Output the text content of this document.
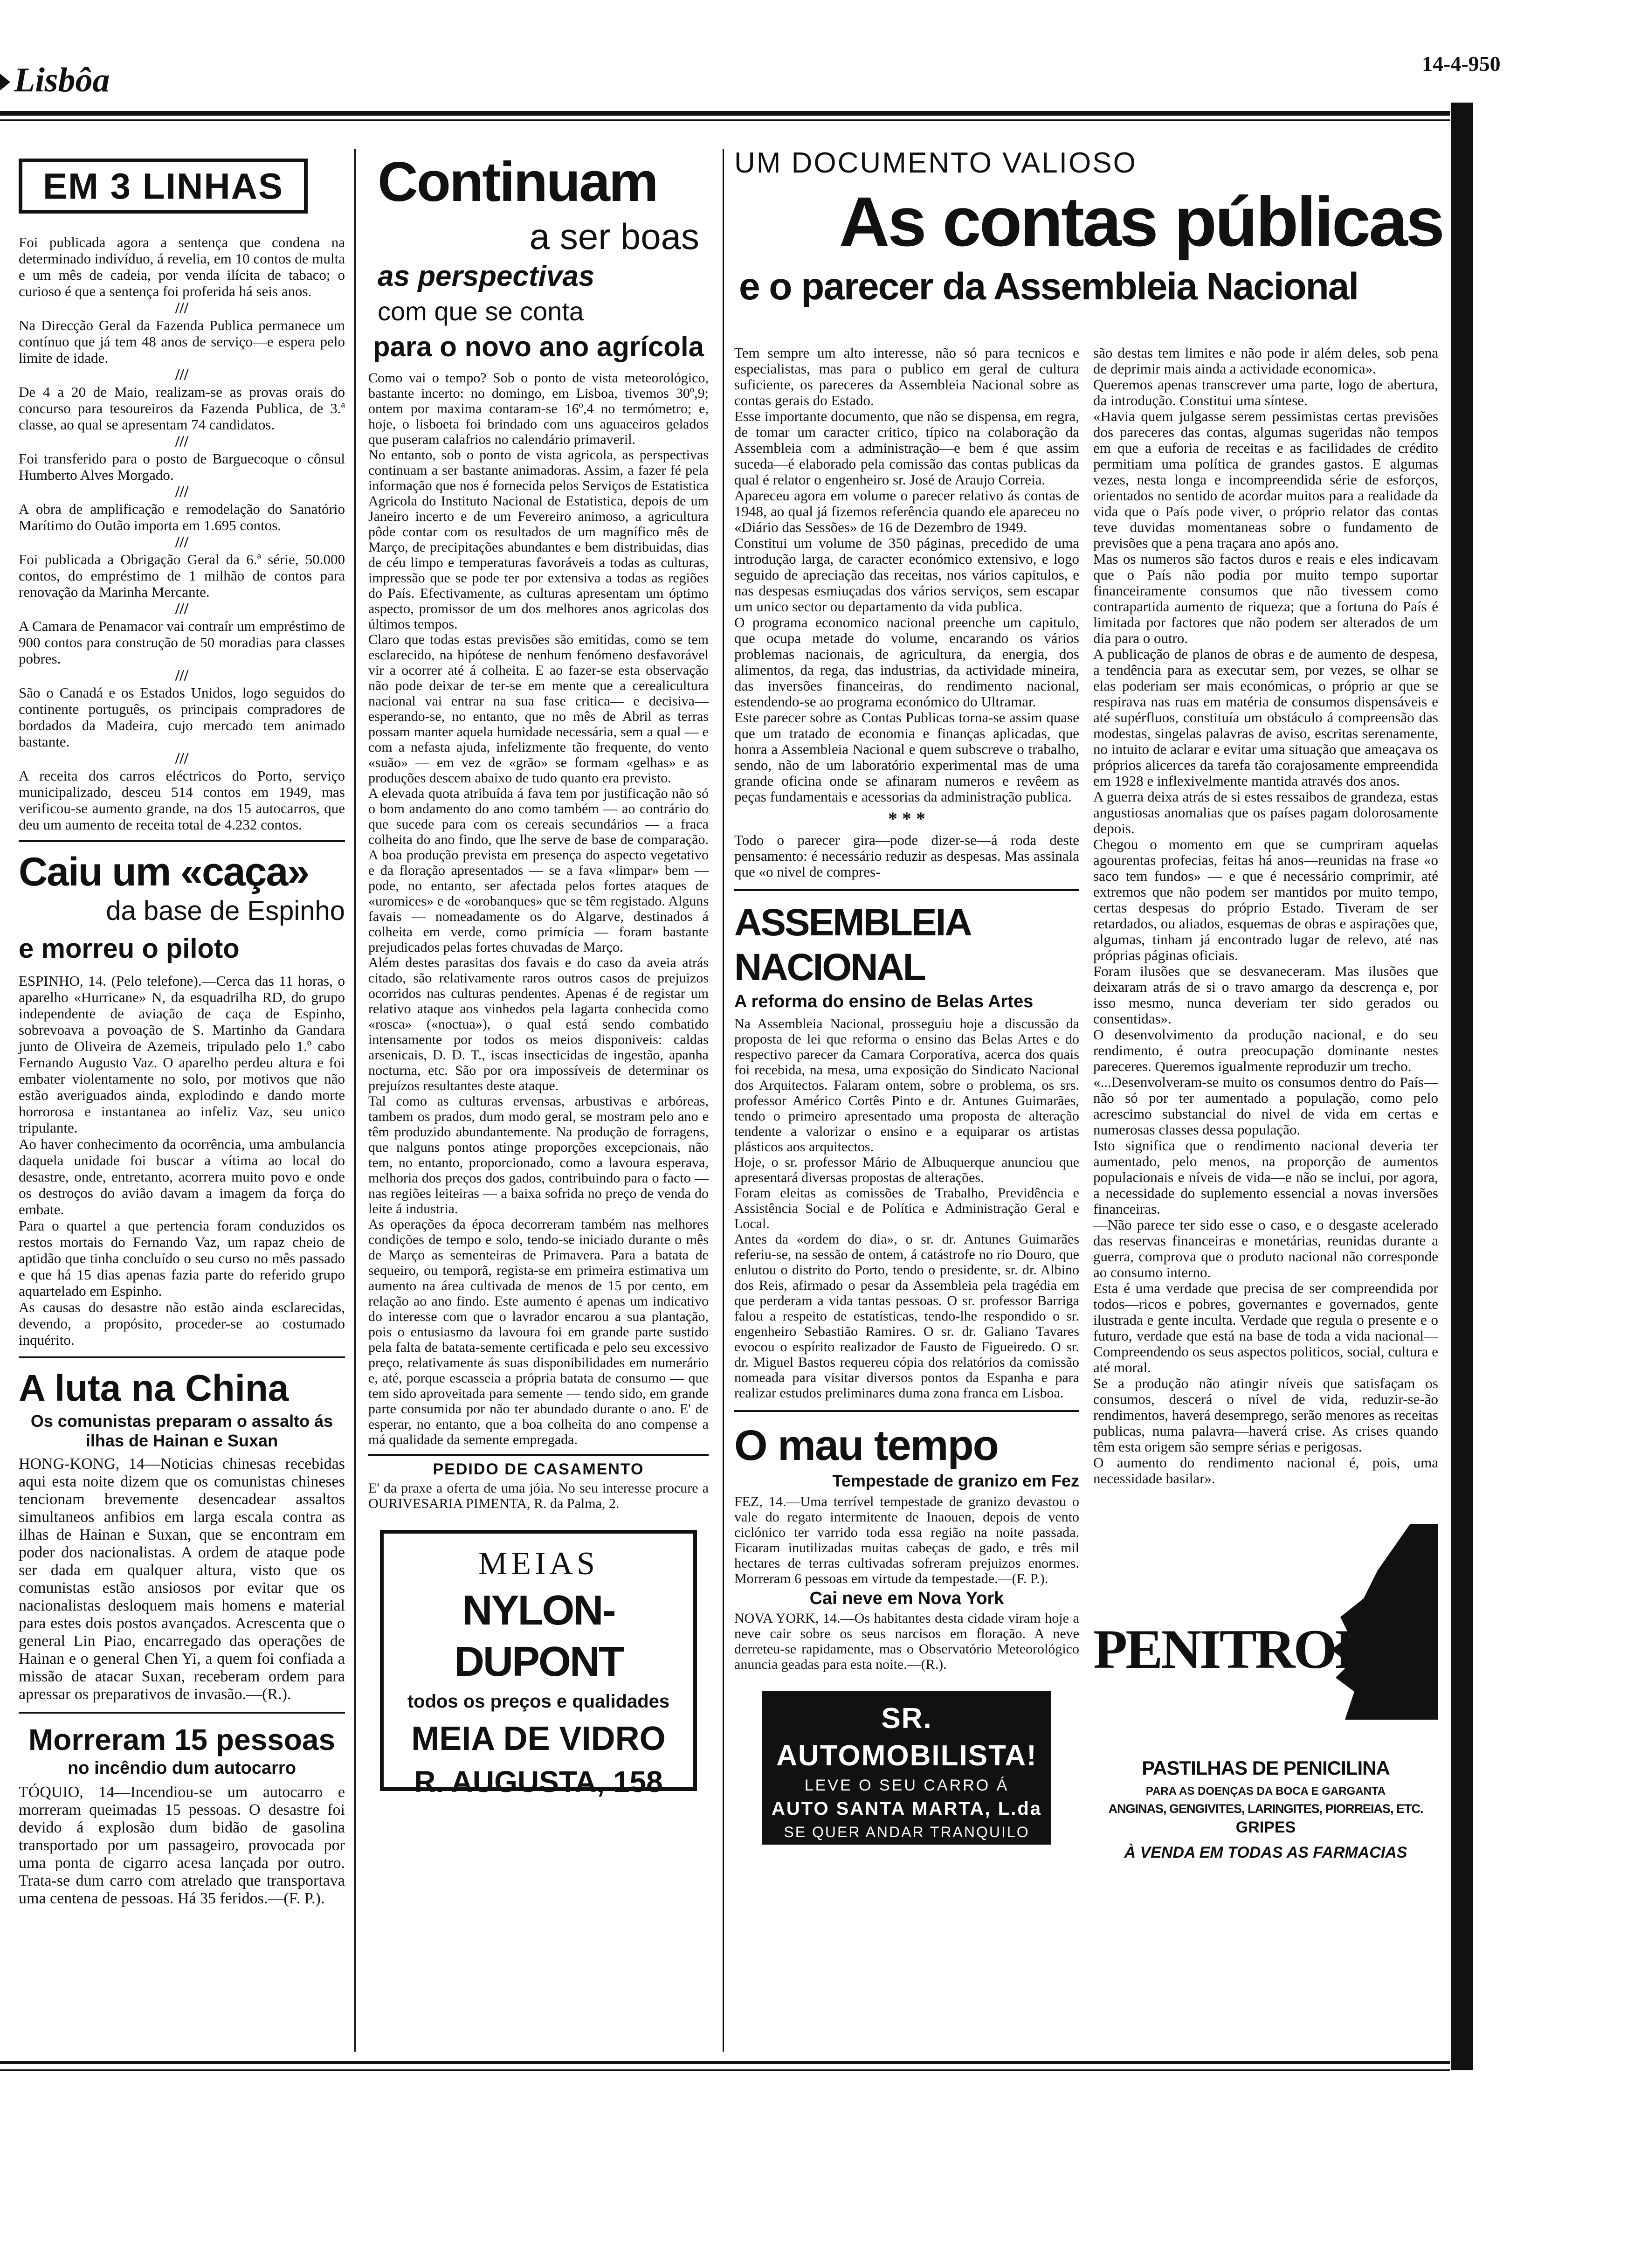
Lisbôa	14-4-950
EM 3 LINHAS

Foi publicada agora a sentença que condena na determinado indivíduo, á revelia, em 10 contos de multa e um mês de cadeia, por venda ilícita de tabaco; o curioso é que a sentença foi proferida há seis anos.

///

Na Direcção Geral da Fazenda Publica permanece um contínuo que já tem 48 anos de serviço—e espera pelo limite de idade.

///

De 4 a 20 de Maio, realizam-se as provas orais do concurso para tesoureiros da Fazenda Publica, de 3.ª classe, ao qual se apresentam 74 candidatos.

///

Foi transferido para o posto de Barguecoque o cônsul Humberto Alves Morgado.

///

A obra de amplificação e remodelação do Sanatório Marítimo do Outão importa em 1.695 contos.

///

Foi publicada a Obrigação Geral da 6.ª série, 50.000 contos, do empréstimo de 1 milhão de contos para renovação da Marinha Mercante.

///

A Camara de Penamacor vai contraír um empréstimo de 900 contos para construção de 50 moradias para classes pobres.

///

São o Canadá e os Estados Unidos, logo seguidos do continente português, os principais compradores de bordados da Madeira, cujo mercado tem animado bastante.

///

A receita dos carros eléctricos do Porto, serviço municipalizado, desceu 514 contos em 1949, mas verificou-se aumento grande, na dos 15 autocarros, que deu um aumento de receita total de 4.232 contos.

Caiu um «caça»
da base de Espinho
e morreu o piloto

ESPINHO, 14. (Pelo telefone).—Cerca das 11 horas, o aparelho «Hurricane» N, da esquadrilha RD, do grupo independente de aviação de caça de Espinho, sobrevoava a povoação de S. Martinho da Gandara junto de Oliveira de Azemeis, tripulado pelo 1.º cabo Fernando Augusto Vaz. O aparelho perdeu altura e foi embater violentamente no solo, por motivos que não estão averiguados ainda, explodindo e dando morte horrorosa e instantanea ao infeliz Vaz, seu unico tripulante.
Ao haver conhecimento da ocorrência, uma ambulancia daquela unidade foi buscar a vítima ao local do desastre, onde, entretanto, acorrera muito povo e onde os destroços do avião davam a imagem da força do embate.
Para o quartel a que pertencia foram conduzidos os restos mortais do Fernando Vaz, um rapaz cheio de aptidão que tinha concluído o seu curso no mês passado e que há 15 dias apenas fazia parte do referido grupo aquartelado em Espinho.
As causas do desastre não estão ainda esclarecidas, devendo, a propósito, proceder-se ao costumado inquérito.

A luta na China
Os comunistas preparam o assalto ás ilhas de Hainan e Suxan

HONG-KONG, 14—Noticias chinesas recebidas aqui esta noite dizem que os comunistas chineses tencionam brevemente desencadear assaltos simultaneos anfibios em larga escala contra as ilhas de Hainan e Suxan, que se encontram em poder dos nacionalistas. A ordem de ataque pode ser dada em qualquer altura, visto que os comunistas estão ansiosos por evitar que os nacionalistas desloquem mais homens e material para estes dois postos avançados. Acrescenta que o general Lin Piao, encarregado das operações de Hainan e o general Chen Yi, a quem foi confiada a missão de atacar Suxan, receberam ordem para apressar os preparativos de invasão.—(R.).

Morreram 15 pessoas
no incêndio dum autocarro

TÓQUIO, 14—Incendiou-se um autocarro e morreram queimadas 15 pessoas. O desastre foi devido á explosão dum bidão de gasolina transportado por um passageiro, provocada por uma ponta de cigarro acesa lançada por outro. Trata-se dum carro com atrelado que transportava uma centena de pessoas. Há 35 feridos.—(F. P.).

Continuam
a ser boas
as perspectivas
com que se conta
para o novo ano agrícola

Como vai o tempo? Sob o ponto de vista meteorológico, bastante incerto: no domingo, em Lisboa, tivemos 30º,9; ontem por maxima contaram-se 16º,4 no termómetro; e, hoje, o lisboeta foi brindado com uns aguaceiros gelados que puseram calafrios no calendário primaveril.
No entanto, sob o ponto de vista agricola, as perspectivas continuam a ser bastante animadoras. Assim, a fazer fé pela informação que nos é fornecida pelos Serviços de Estatistica Agricola do Instituto Nacional de Estatistica, depois de um Janeiro incerto e de um Fevereiro animoso, a agricultura pôde contar com os resultados de um magnífico mês de Março, de precipitações abundantes e bem distribuidas, dias de céu limpo e temperaturas favoráveis a todas as culturas, impressão que se pode ter por extensiva a todas as regiões do País. Efectivamente, as culturas apresentam um óptimo aspecto, promissor de um dos melhores anos agricolas dos últimos tempos.
Claro que todas estas previsões são emitidas, como se tem esclarecido, na hipótese de nenhum fenómeno desfavorável vir a ocorrer até á colheita. E ao fazer-se esta observação não pode deixar de ter-se em mente que a cerealicultura nacional vai entrar na sua fase critica— e decisiva—esperando-se, no entanto, que no mês de Abril as terras possam manter aquela humidade necessária, sem a qual — e com a nefasta ajuda, infelizmente tão frequente, do vento «suão» — em vez de «grão» se formam «gelhas» e as produções descem abaixo de tudo quanto era previsto.
A elevada quota atribuída á fava tem por justificação não só o bom andamento do ano como também — ao contrário do que sucede para com os cereais secundários — a fraca colheita do ano findo, que lhe serve de base de comparação. A boa produção prevista em presença do aspecto vegetativo e da floração apresentados — se a fava «limpar» bem — pode, no entanto, ser afectada pelos fortes ataques de «uromices» e de «orobanques» que se têm registado. Alguns favais — nomeadamente os do Algarve, destinados á colheita em verde, como primícia — foram bastante prejudicados pelas fortes chuvadas de Março.
Além destes parasitas dos favais e do caso da aveia atrás citado, são relativamente raros outros casos de prejuizos ocorridos nas culturas pendentes. Apenas é de registar um relativo ataque aos vinhedos pela lagarta conhecida como «rosca» («noctua»), o qual está sendo combatido intensamente por todos os meios disponiveis: caldas arsenicais, D. D. T., iscas insecticidas de ingestão, apanha nocturna, etc. São por ora impossíveis de determinar os prejuízos resultantes deste ataque.
Tal como as culturas ervensas, arbustivas e arbóreas, tambem os prados, dum modo geral, se mostram pelo ano e têm produzido abundantemente. Na produção de forragens, que nalguns pontos atinge proporções excepcionais, não tem, no entanto, proporcionado, como a lavoura esperava, melhoria dos preços dos gados, contribuindo para o facto — nas regiões leiteiras — a baixa sofrida no preço de venda do leite á industria.
As operações da época decorreram também nas melhores condições de tempo e solo, tendo-se iniciado durante o mês de Março as sementeiras de Primavera. Para a batata de sequeiro, ou temporã, regista-se em primeira estimativa um aumento na área cultivada de menos de 15 por cento, em relação ao ano findo. Este aumento é apenas um indicativo do interesse com que o lavrador encarou a sua plantação, pois o entusiasmo da lavoura foi em grande parte sustido pela falta de batata-semente certificada e pelo seu excessivo preço, relativamente ás suas disponibilidades em numerário e, até, porque escasseia a própria batata de consumo — que tem sido aproveitada para semente — tendo sido, em grande parte consumida por não ter abundado durante o ano. E' de esperar, no entanto, que a boa colheita do ano compense a má qualidade da semente empregada.

PEDIDO DE CASAMENTO

E' da praxe a oferta de uma jóia. No seu interesse procure a OURIVESARIA PIMENTA, R. da Palma, 2.

MEIAS
NYLON-DUPONT
todos os preços e qualidades
MEIA DE VIDRO
R. AUGUSTA, 158
UM DOCUMENTO VALIOSO
As contas públicas
e o parecer da Assembleia Nacional

Tem sempre um alto interesse, não só para tecnicos e especialistas, mas para o publico em geral de cultura suficiente, os pareceres da Assembleia Nacional sobre as contas gerais do Estado.
Esse importante documento, que não se dispensa, em regra, de tomar um caracter critico, típico na colaboração da Assembleia com a administração—e bem é que assim suceda—é elaborado pela comissão das contas publicas da qual é relator o engenheiro sr. José de Araujo Correia.
Apareceu agora em volume o parecer relativo ás contas de 1948, ao qual já fizemos referência quando ele apareceu no «Diário das Sessões» de 16 de Dezembro de 1949.
Constitui um volume de 350 páginas, precedido de uma introdução larga, de caracter económico extensivo, e logo seguido de apreciação das receitas, nos vários capitulos, e nas despesas esmiuçadas dos vários serviços, sem escapar um unico sector ou departamento da vida publica.
O programa economico nacional preenche um capitulo, que ocupa metade do volume, encarando os vários problemas nacionais, de agricultura, da energia, dos alimentos, da rega, das industrias, da actividade mineira, das inversões financeiras, do rendimento nacional, estendendo-se ao programa económico do Ultramar.
Este parecer sobre as Contas Publicas torna-se assim quase que um tratado de economia e finanças aplicadas, que honra a Assembleia Nacional e quem subscreve o trabalho, sendo, não de um laboratório experimental mas de uma grande oficina onde se afinaram numeros e revêem as peças fundamentais e acessorias da administração publica.

* * *

Todo o parecer gira—pode dizer-se—á roda deste pensamento: é necessário reduzir as despesas. Mas assinala que «o nivel de compres-

ASSEMBLEIA NACIONAL
A reforma do ensino de Belas Artes

Na Assembleia Nacional, prosseguiu hoje a discussão da proposta de lei que reforma o ensino das Belas Artes e do respectivo parecer da Camara Corporativa, acerca dos quais foi recebida, na mesa, uma exposição do Sindicato Nacional dos Arquitectos. Falaram ontem, sobre o problema, os srs. professor Américo Cortês Pinto e dr. Antunes Guimarães, tendo o primeiro apresentado uma proposta de alteração tendente a valorizar o ensino e a equiparar os artistas plásticos aos arquitectos.
Hoje, o sr. professor Mário de Albuquerque anunciou que apresentará diversas propostas de alterações.
Foram eleitas as comissões de Trabalho, Previdência e Assistência Social e de Política e Administração Geral e Local.
Antes da «ordem do dia», o sr. dr. Antunes Guimarães referiu-se, na sessão de ontem, á catástrofe no rio Douro, que enlutou o distrito do Porto, tendo o presidente, sr. dr. Albino dos Reis, afirmado o pesar da Assembleia pela tragédia em que perderam a vida tantas pessoas. O sr. professor Barriga falou a respeito de estatísticas, tendo-lhe respondido o sr. engenheiro Sebastião Ramires. O sr. dr. Galiano Tavares evocou o espírito realizador de Fausto de Figueiredo. O sr. dr. Miguel Bastos requereu cópia dos relatórios da comissão nomeada para visitar diversos pontos da Espanha e para realizar estudos preliminares duma zona franca em Lisboa.

O mau tempo
Tempestade de granizo em Fez

FEZ, 14.—Uma terrível tempestade de granizo devastou o vale do regato intermitente de Inaouen, depois de vento ciclónico ter varrido toda essa região na noite passada. Ficaram inutilizadas muitas cabeças de gado, e três mil hectares de terras cultivadas sofreram prejuizos enormes. Morreram 6 pessoas em virtude da tempestade.—(F. P.).

Cai neve em Nova York

NOVA YORK, 14.—Os habitantes desta cidade viram hoje a neve cair sobre os seus narcisos em floração. A neve derreteu-se rapidamente, mas o Observatório Meteorológico anuncia geadas para esta noite.—(R.).

SR. AUTOMOBILISTA!
LEVE O SEU CARRO Á
AUTO SANTA MARTA, L.da
SE QUER ANDAR TRANQUILO
51, R. DE SANTA MARTA, 51-C

são destas tem limites e não pode ir além deles, sob pena de deprimir mais ainda a actividade economica».
Queremos apenas transcrever uma parte, logo de abertura, da introdução. Constitui uma síntese.
«Havia quem julgasse serem pessimistas certas previsões dos pareceres das contas, algumas sugeridas não tempos em que a euforia de receitas e as facilidades de crédito permitiam uma política de grandes gastos. E algumas vezes, nesta longa e incompreendida série de esforços, orientados no sentido de acordar muitos para a realidade da vida que o País pode viver, o próprio relator das contas teve duvidas momentaneas sobre o fundamento de previsões que a pena traçara ano após ano.
Mas os numeros são factos duros e reais e eles indicavam que o País não podia por muito tempo suportar financeiramente consumos que não tivessem como contrapartida aumento de riqueza; que a fortuna do País é limitada por factores que não podem ser alterados de um dia para o outro.
A publicação de planos de obras e de aumento de despesa, a tendência para as executar sem, por vezes, se olhar se elas poderiam ser mais económicas, o próprio ar que se respirava nas ruas em matéria de consumos dispensáveis e até supérfluos, constituía um obstáculo á compreensão das modestas, singelas palavras de aviso, escritas serenamente, no intuito de aclarar e evitar uma situação que ameaçava os próprios alicerces da tarefa tão corajosamente empreendida em 1928 e inflexivelmente mantida através dos anos.
A guerra deixa atrás de si estes ressaibos de grandeza, estas angustiosas anomalias que os países pagam dolorosamente depois.
Chegou o momento em que se cumpriram aquelas agourentas profecias, feitas há anos—reunidas na frase «o saco tem fundos» — e que é necessário comprimir, até extremos que não podem ser mantidos por muito tempo, certas despesas do próprio Estado. Tiveram de ser retardados, ou aliados, esquemas de obras e aspirações que, algumas, tinham já encontrado lugar de relevo, até nas próprias páginas oficiais.
Foram ilusões que se desvaneceram. Mas ilusões que deixaram atrás de si o travo amargo da descrença e, por isso mesmo, nunca deveriam ter sido gerados ou consentidas».
O desenvolvimento da produção nacional, e do seu rendimento, é outra preocupação dominante nestes pareceres. Queremos igualmente reproduzir um trecho.
«...Desenvolveram-se muito os consumos dentro do País—não só por ter aumentado a população, como pelo acrescimo substancial do nivel de vida em certas e numerosas classes dessa população.
Isto significa que o rendimento nacional deveria ter aumentado, pelo menos, na proporção de aumentos populacionais e níveis de vida—e não se inclui, por agora, a necessidade do suplemento essencial a novas inversões financeiras.
—Não parece ter sido esse o caso, e o desgaste acelerado das reservas financeiras e monetárias, reunidas durante a guerra, comprova que o produto nacional não corresponde ao consumo interno.
Esta é uma verdade que precisa de ser compreendida por todos—ricos e pobres, governantes e governados, gente ilustrada e gente inculta. Verdade que regula o presente e o futuro, verdade que está na base de toda a vida nacional—Compreendendo os seus aspectos politicos, social, cultura e até moral.
Se a produção não atingir níveis que satisfaçam os consumos, descerá o nível de vida, reduzir-se-ão rendimentos, haverá desemprego, serão menores as receitas publicas, numa palavra—haverá crise. As crises quando têm esta origem são sempre sérias e perigosas.
O aumento do rendimento nacional é, pois, uma necessidade basilar».

PENITROL
PASTILHAS DE PENICILINA
PARA AS DOENÇAS DA BOCA E GARGANTA
ANGINAS, GENGIVITES, LARINGITES, PIORREIAS, ETC.
GRIPES
À VENDA EM TODAS AS FARMACIAS
